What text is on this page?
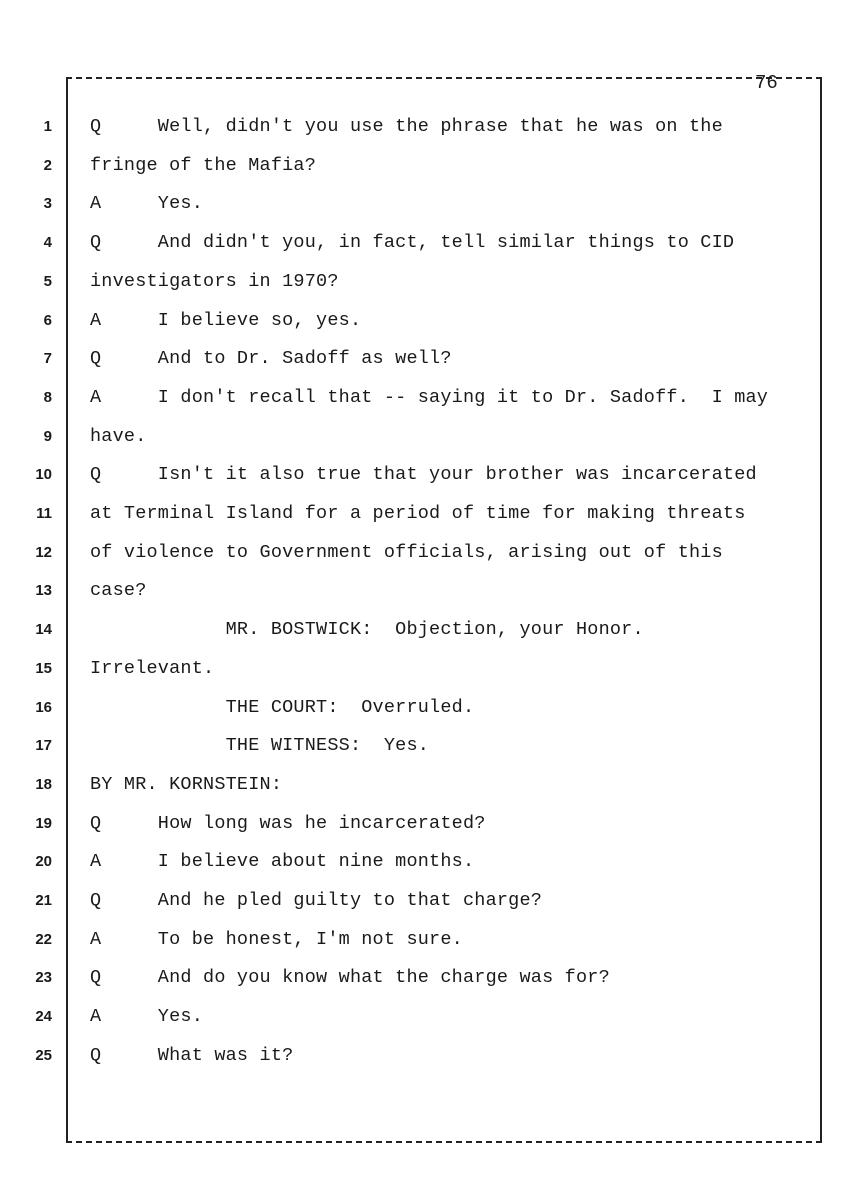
76
1 Q     Well, didn't you use the phrase that he was on the
2 fringe of the Mafia?
3 A     Yes.
4 Q     And didn't you, in fact, tell similar things to CID
5 investigators in 1970?
6 A     I believe so, yes.
7 Q     And to Dr. Sadoff as well?
8 A     I don't recall that -- saying it to Dr. Sadoff.  I may
9 have.
10 Q     Isn't it also true that your brother was incarcerated
11 at Terminal Island for a period of time for making threats
12 of violence to Government officials, arising out of this
13 case?
14 MR. BOSTWICK:  Objection, your Honor.
15 Irrelevant.
16 THE COURT:  Overruled.
17 THE WITNESS:  Yes.
18 BY MR. KORNSTEIN:
19 Q     How long was he incarcerated?
20 A     I believe about nine months.
21 Q     And he pled guilty to that charge?
22 A     To be honest, I'm not sure.
23 Q     And do you know what the charge was for?
24 A     Yes.
25 Q     What was it?
